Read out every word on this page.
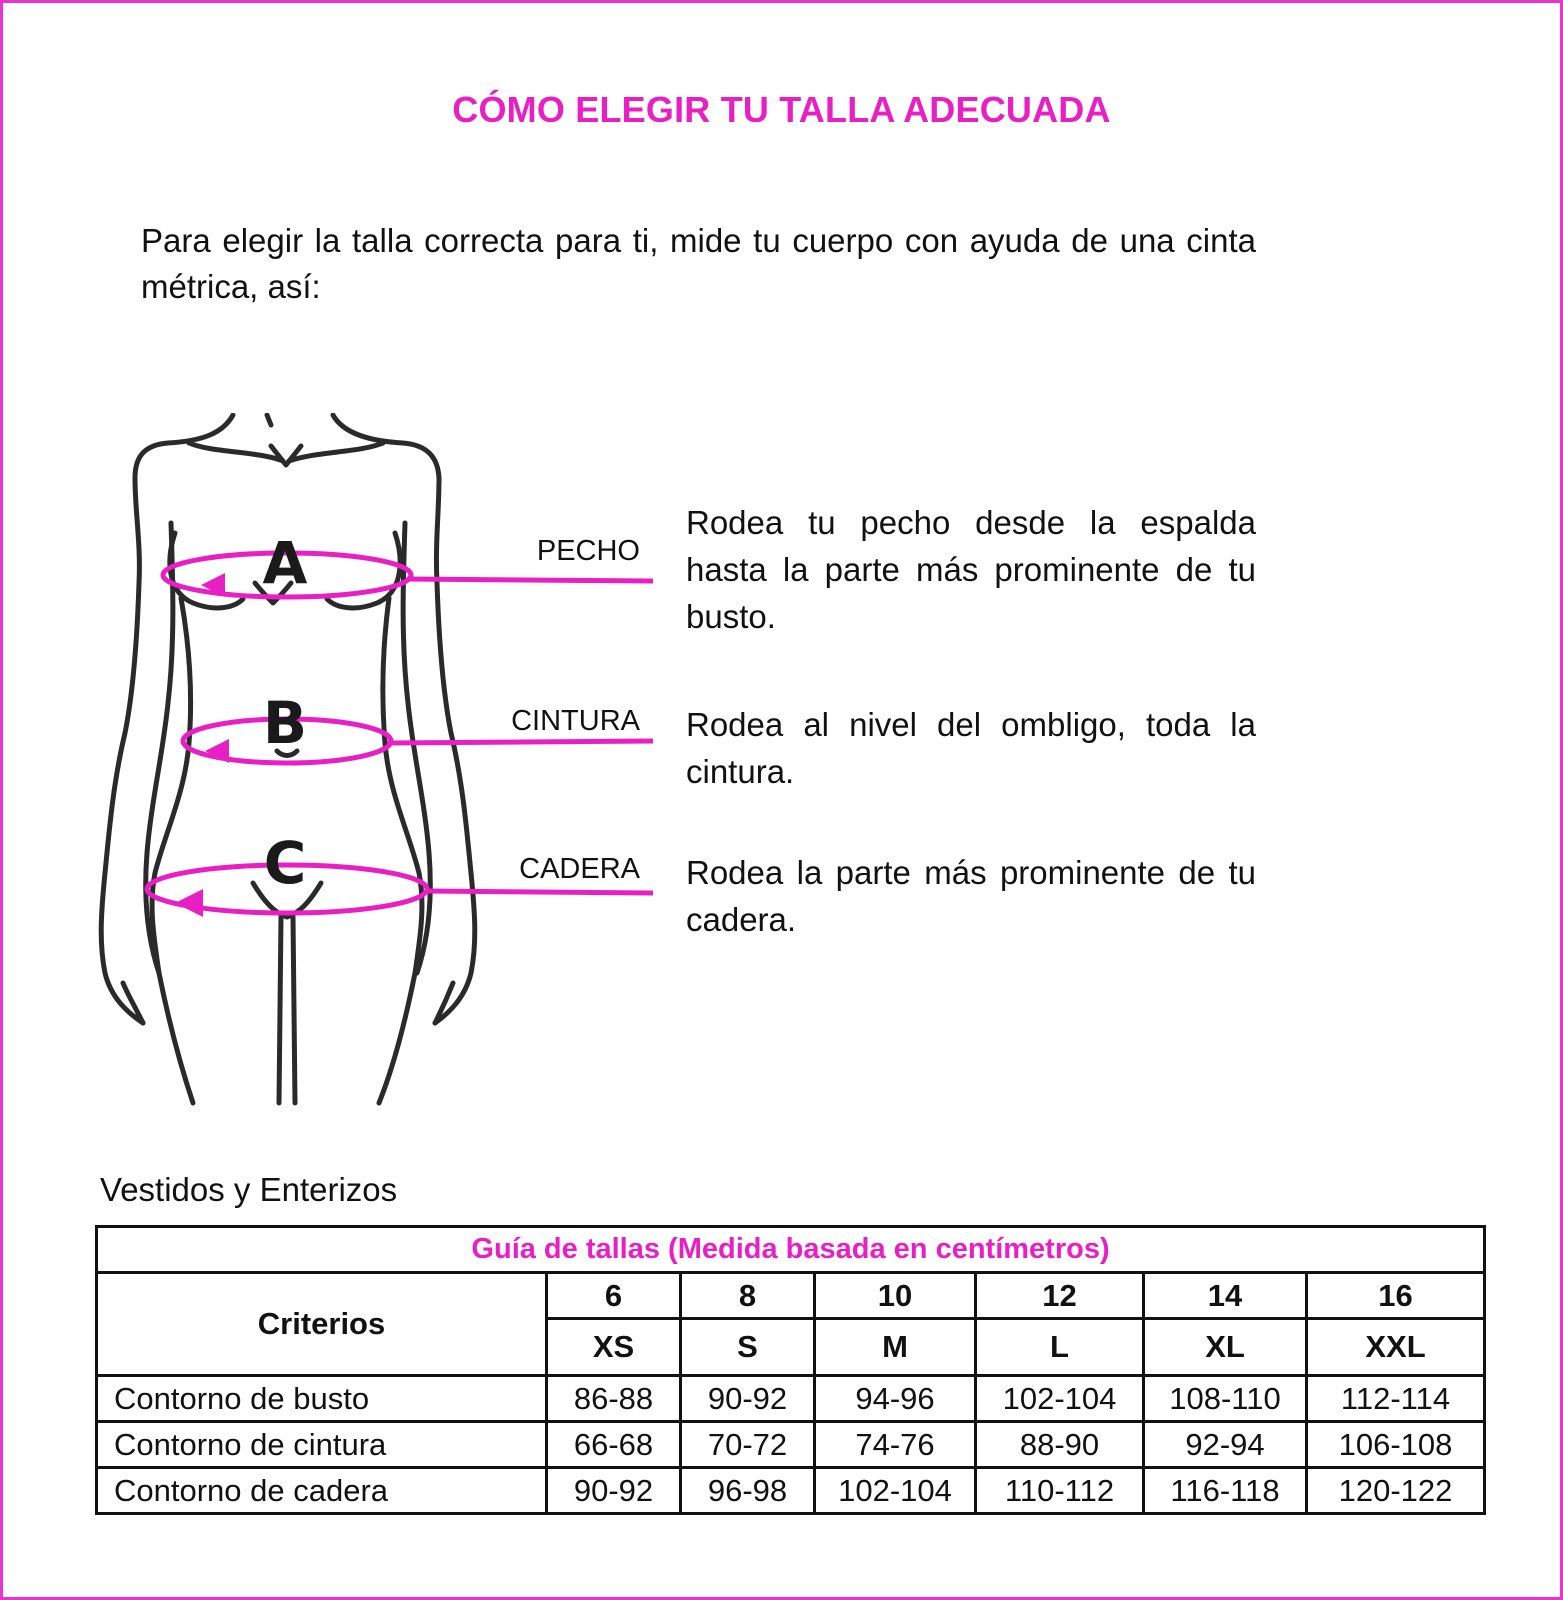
CÓMO ELEGIR TU TALLA ADECUADA
Para elegir la talla correcta para ti, mide tu cuerpo con ayuda de una cinta métrica, así:
A
B
C
PECHO
CINTURA
CADERA
Rodea tu pecho desde la espalda hasta la parte más prominente de tu busto.
Rodea al nivel del ombligo, toda la cintura.
Rodea la parte más prominente de tu cadera.
Vestidos y Enterizos
Guía de tallas (Medida basada en centímetros)						
Criterios	6	8	10	12	14	16
	XS	S	M	L	XL	XXL
Contorno de busto	86-88	90-92	94-96	102-104	108-110	112-114
Contorno de cintura	66-68	70-72	74-76	88-90	92-94	106-108
Contorno de cadera	90-92	96-98	102-104	110-112	116-118	120-122
